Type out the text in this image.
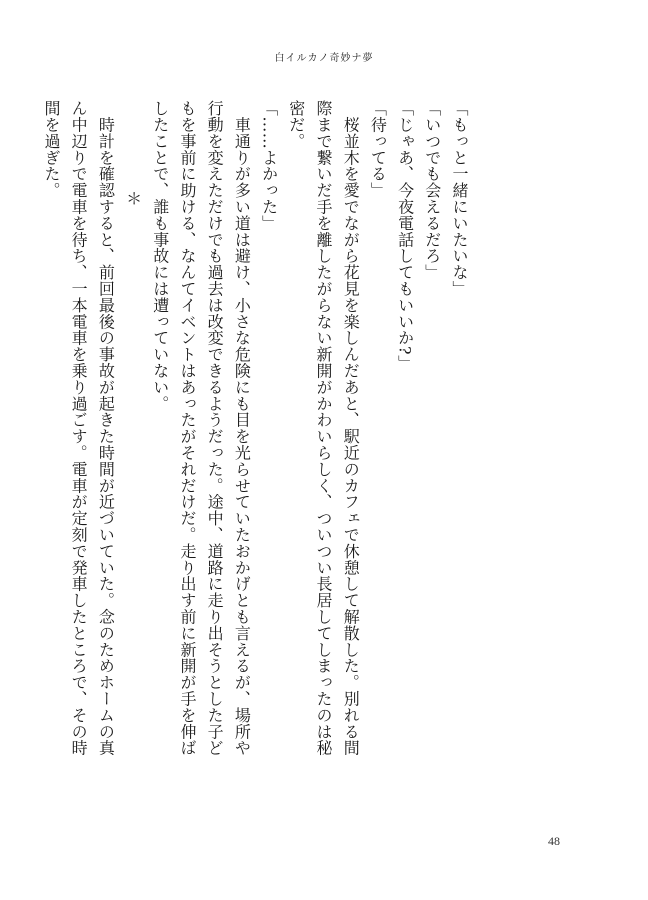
白イルカノ奇妙ナ夢
「もっと一緒にいたいな」
「いつでも会えるだろ」
「じゃあ、今夜電話してもいいか?」
「待ってる」
　桜並木を愛でながら花見を楽しんだあと、駅近のカフェで休憩して解散した。別れる間
際まで繋いだ手を離したがらない新開がかわいらしく、ついつい長居してしまったのは秘
密だ。
「……よかった」
　車通りが多い道は避け、小さな危険にも目を光らせていたおかげとも言えるが、場所や
行動を変えただけでも過去は改変できるようだった。途中、道路に走り出そうとした子ど
もを事前に助ける、なんてイベントはあったがそれだけだ。走り出す前に新開が手を伸ば
したことで、誰も事故には遭っていない。
＊
　時計を確認すると、前回最後の事故が起きた時間が近づいていた。念のためホームの真
ん中辺りで電車を待ち、一本電車を乗り過ごす。電車が定刻で発車したところで、その時
間を過ぎた。
48
